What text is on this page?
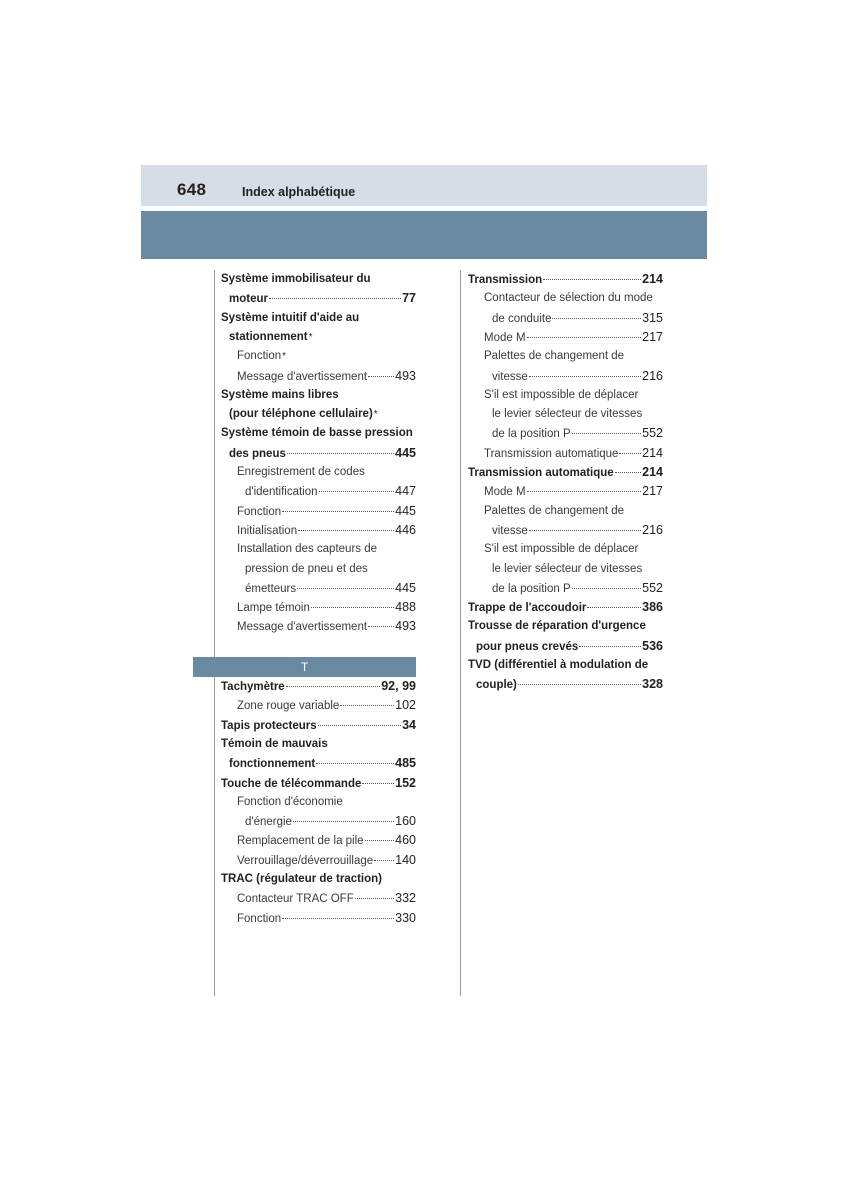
648	Index alphabétique
Système immobilisateur du
moteur	77
Système intuitif d'aide au
stationnement *
Fonction *
Message d'avertissement 493
Système mains libres
(pour téléphone cellulaire) *
Système témoin de basse pression
des pneus	445
Enregistrement de codes
d'identification	447
Fonction	445
Initialisation	446
Installation des capteurs de
pression de pneu et des
émetteurs	445
Lampe témoin	488
Message d'avertissement 493
T
Tachymètre	92, 99
Zone rouge variable	102
Tapis protecteurs	34
Témoin de mauvais
fonctionnement	485
Touche de télécommande	152
Fonction d'économie
d'énergie	160
Remplacement de la pile	460
Verrouillage/déverrouillage 140
TRAC (régulateur de traction)
Contacteur TRAC OFF	332
Fonction	330
Transmission	214
Contacteur de sélection du mode
de conduite	315
Mode M	217
Palettes de changement de
vitesse	216
S'il est impossible de déplacer
le levier sélecteur de vitesses
de la position P	552
Transmission automatique 214
Transmission automatique 214
Mode M	217
Palettes de changement de
vitesse	216
S'il est impossible de déplacer
le levier sélecteur de vitesses
de la position P	552
Trappe de l'accoudoir	386
Trousse de réparation d'urgence
pour pneus crevés	536
TVD (différentiel à modulation de
couple)	328
